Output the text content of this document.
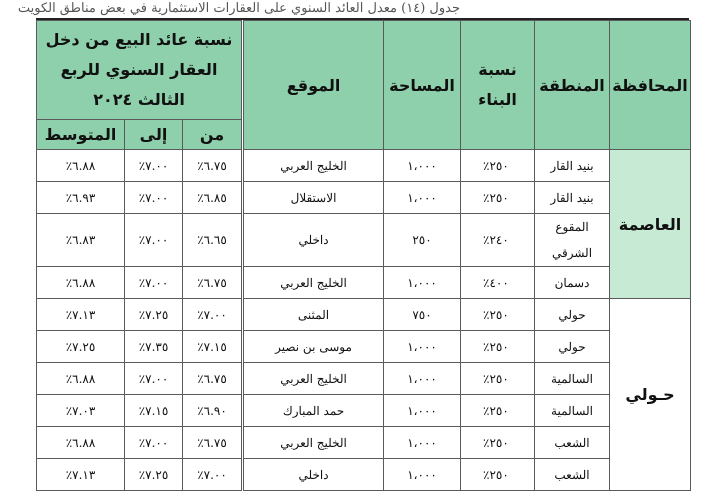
جدول (١٤) معدل العائد السنوي على العقارات الاستثمارية في بعض مناطق الكويت
المحافظة	المنطقة	نسبة البناء	المساحة	الموقع	نسبة عائد البيع من دخل العقار السنوي للربع الثالث ٢٠٢٤		

					من	إلى	المتوسط
العاصمة	بنيد القار	٢٥٠٪	١،٠٠٠	الخليج العربي	٦.٧٥٪	٧.٠٠٪	٦.٨٨٪
	بنيد القار	٢٥٠٪	١،٠٠٠	الاستقلال	٦.٨٥٪	٧.٠٠٪	٦.٩٣٪

	المقوع الشرقي	٢٤٠٪	٢٥٠	داخلي	٦.٦٥٪	٧.٠٠٪	٦.٨٣٪
	دسمان	٤٠٠٪	١،٠٠٠	الخليج العربي	٦.٧٥٪	٧.٠٠٪	٦.٨٨٪
حـولي	حولي	٢٥٠٪	٧٥٠	المثنى	٧.٠٠٪	٧.٢٥٪	٧.١٣٪
	حولي	٢٥٠٪	١،٠٠٠	موسى بن نصير	٧.١٥٪	٧.٣٥٪	٧.٢٥٪
	السالمية	٢٥٠٪	١،٠٠٠	الخليج العربي	٦.٧٥٪	٧.٠٠٪	٦.٨٨٪
	السالمية	٢٥٠٪	١،٠٠٠	حمد المبارك	٦.٩٠٪	٧.١٥٪	٧.٠٣٪
	الشعب	٢٥٠٪	١،٠٠٠	الخليج العربي	٦.٧٥٪	٧.٠٠٪	٦.٨٨٪
	الشعب	٢٥٠٪	١،٠٠٠	داخلي	٧.٠٠٪	٧.٢٥٪	٧.١٣٪
